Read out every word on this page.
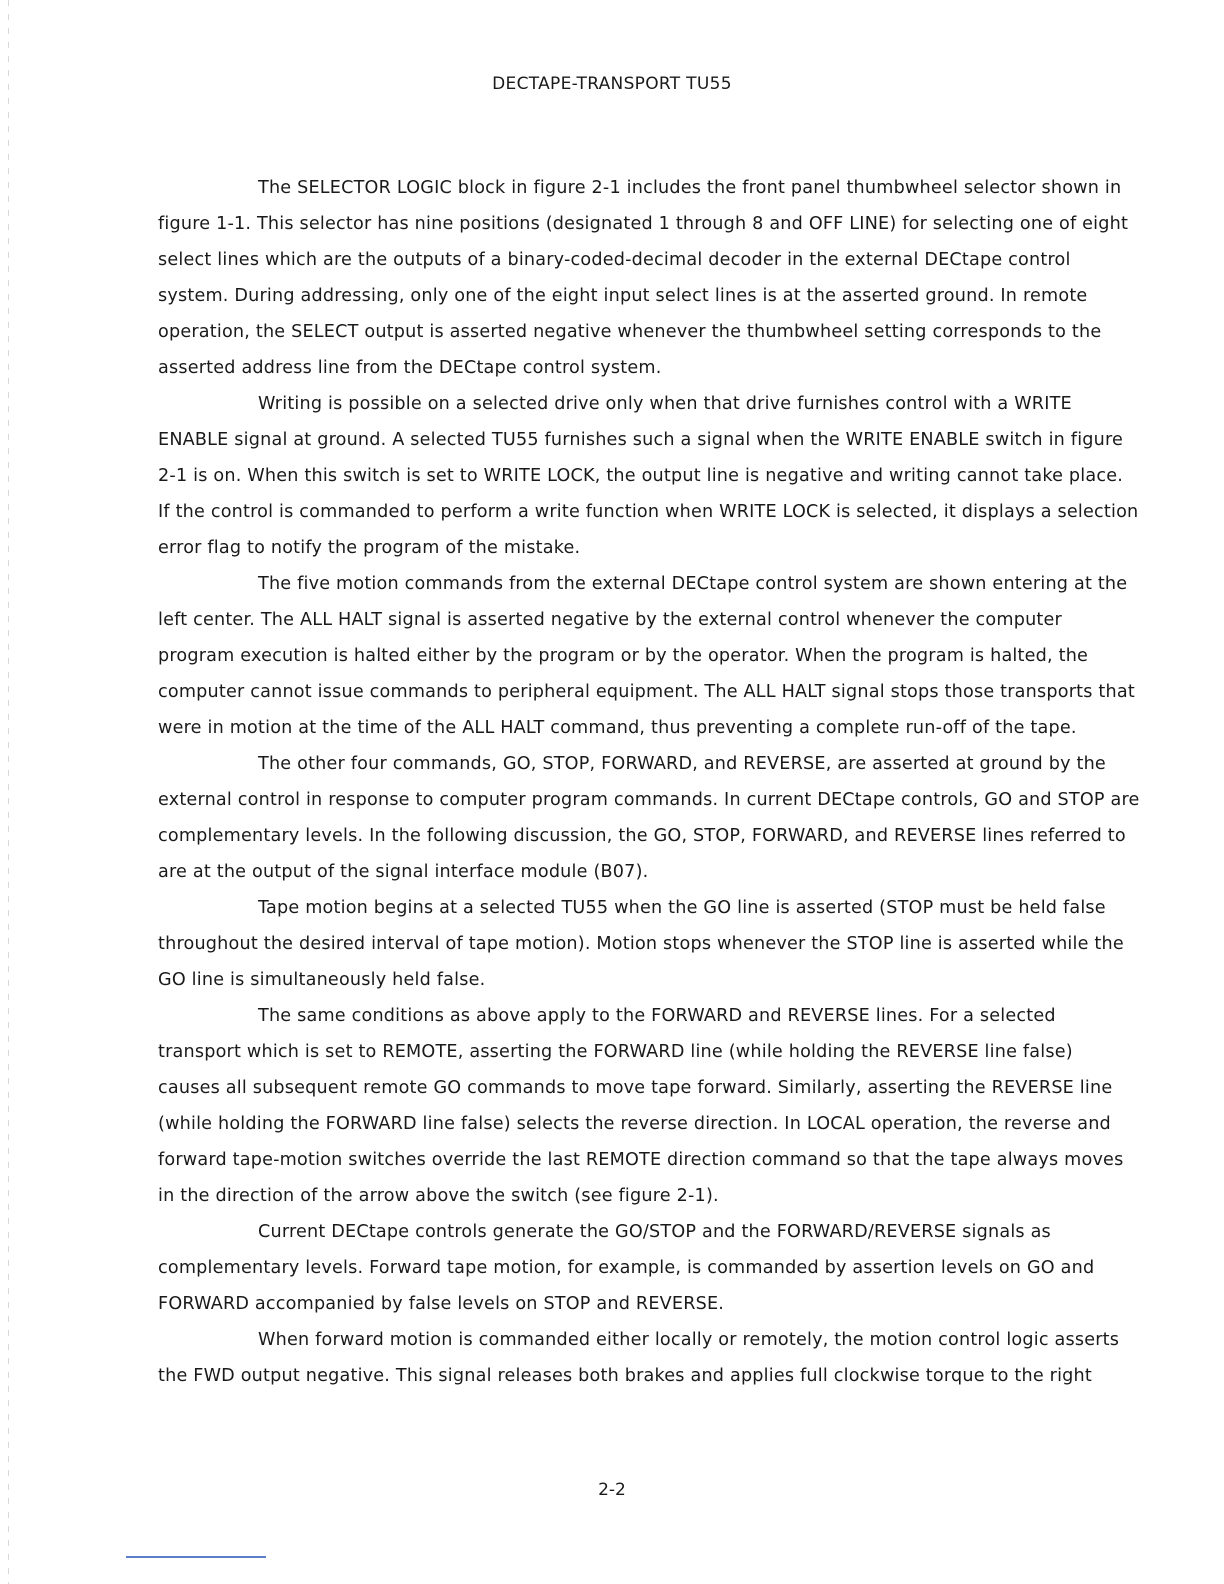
DECTAPE-TRANSPORT TU55

The SELECTOR LOGIC block in figure 2-1 includes the front panel thumbwheel selector shown in figure 1-1. This selector has nine positions (designated 1 through 8 and OFF LINE) for selecting one of eight select lines which are the outputs of a binary-coded-decimal decoder in the external DECtape control system. During addressing, only one of the eight input select lines is at the asserted ground. In remote operation, the SELECT output is asserted negative whenever the thumbwheel setting corresponds to the asserted address line from the DECtape control system.

Writing is possible on a selected drive only when that drive furnishes control with a WRITE ENABLE signal at ground. A selected TU55 furnishes such a signal when the WRITE ENABLE switch in figure 2-1 is on. When this switch is set to WRITE LOCK, the output line is negative and writing cannot take place. If the control is commanded to perform a write function when WRITE LOCK is selected, it displays a selection error flag to notify the program of the mistake.

The five motion commands from the external DECtape control system are shown entering at the left center. The ALL HALT signal is asserted negative by the external control whenever the computer program execution is halted either by the program or by the operator. When the program is halted, the computer cannot issue commands to peripheral equipment. The ALL HALT signal stops those transports that were in motion at the time of the ALL HALT command, thus preventing a complete run-off of the tape.

The other four commands, GO, STOP, FORWARD, and REVERSE, are asserted at ground by the external control in response to computer program commands. In current DECtape controls, GO and STOP are complementary levels. In the following discussion, the GO, STOP, FORWARD, and REVERSE lines referred to are at the output of the signal interface module (B07).

Tape motion begins at a selected TU55 when the GO line is asserted (STOP must be held false throughout the desired interval of tape motion). Motion stops whenever the STOP line is asserted while the GO line is simultaneously held false.

The same conditions as above apply to the FORWARD and REVERSE lines. For a selected transport which is set to REMOTE, asserting the FORWARD line (while holding the REVERSE line false) causes all subsequent remote GO commands to move tape forward. Similarly, asserting the REVERSE line (while holding the FORWARD line false) selects the reverse direction. In LOCAL operation, the reverse and forward tape-motion switches override the last REMOTE direction command so that the tape always moves in the direction of the arrow above the switch (see figure 2-1).

Current DECtape controls generate the GO/STOP and the FORWARD/REVERSE signals as complementary levels. Forward tape motion, for example, is commanded by assertion levels on GO and FORWARD accompanied by false levels on STOP and REVERSE.

When forward motion is commanded either locally or remotely, the motion control logic asserts the FWD output negative. This signal releases both brakes and applies full clockwise torque to the right

2-2
